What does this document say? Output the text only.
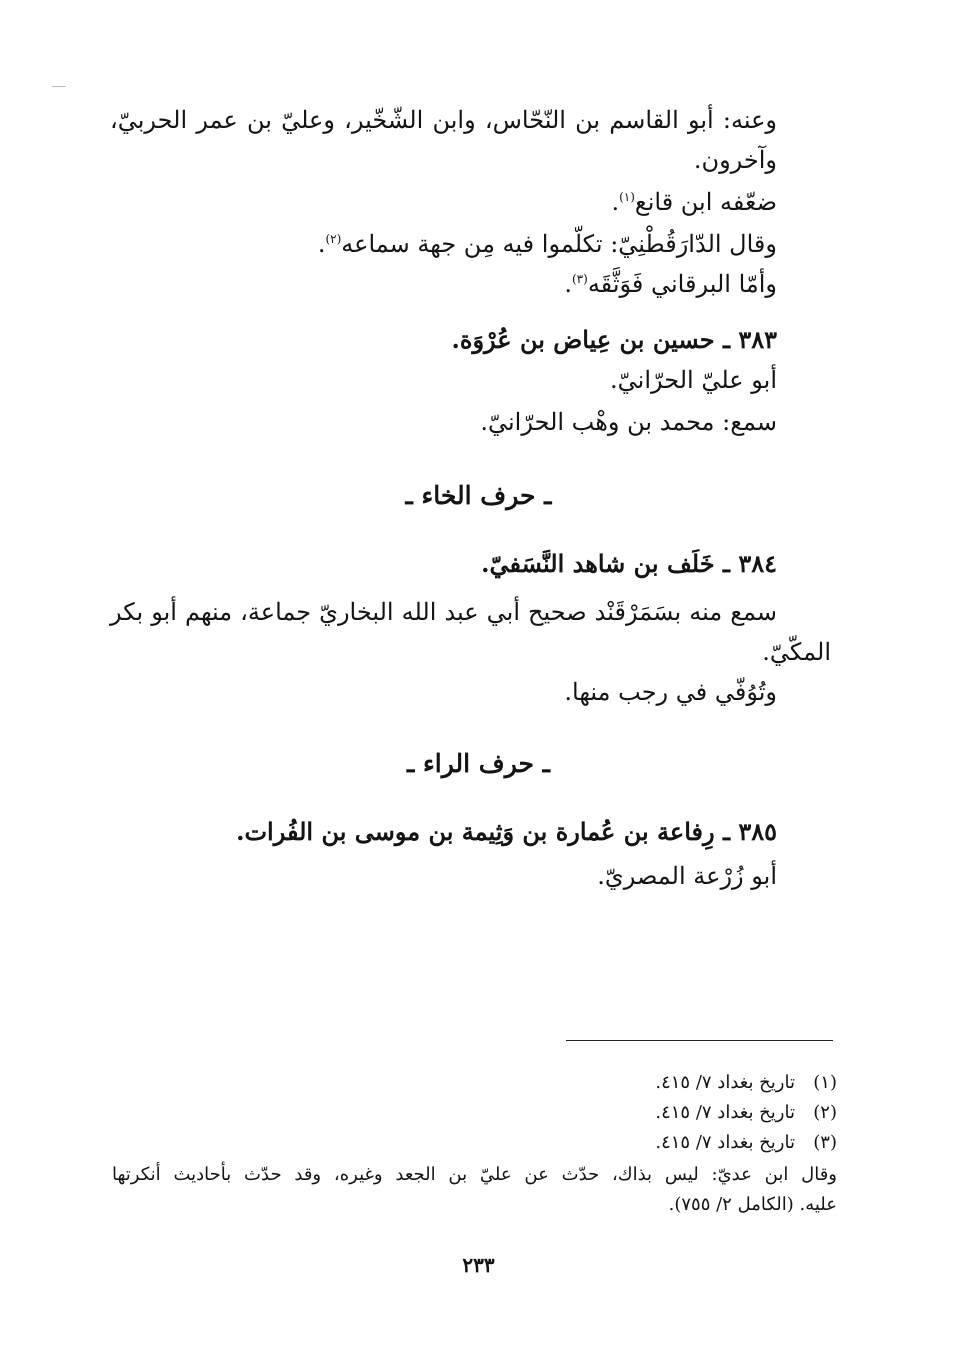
وعنه: أبو القاسم بن النّحّاس، وابن الشّخّير، وعليّ بن عمر الحربيّ،
وآخرون.
ضعّفه ابن قانع$^{(١)}$.
وقال الدّارَقُطْنِيّ: تكلّموا فيه مِن جهة سماعه$^{(٢)}$.
وأمّا البرقاني فَوَثَّقَه$^{(٣)}$.
٣٨٣ ـ حسين بن عِياض بن عُرْوَة.
أبو عليّ الحرّانيّ.
سمع: محمد بن وهْب الحرّانيّ.
ـ حرف الخاء ـ
٣٨٤ ـ خَلَف بن شاهد النَّسَفيّ.
سمع منه بسَمَرْقَنْد صحيح أبي عبد الله البخاريّ جماعة، منهم أبو بكر
المكّيّ.
وتُوُفّي في رجب منها.
ـ حرف الراء ـ
٣٨٥ ـ رِفاعة بن عُمارة بن وَثِيمة بن موسى بن الفُرات.
أبو زُرْعة المصريّ.
(١)تاريخ بغداد ٧/ ٤١٥.
(٢)تاريخ بغداد ٧/ ٤١٥.
(٣)تاريخ بغداد ٧/ ٤١٥.
وقال ابن عديّ: ليس بذاك، حدّث عن عليّ بن الجعد وغيره، وقد حدّث بأحاديث أنكرتها
عليه. (الكامل ٢/ ٧٥٥).
٢٣٣
